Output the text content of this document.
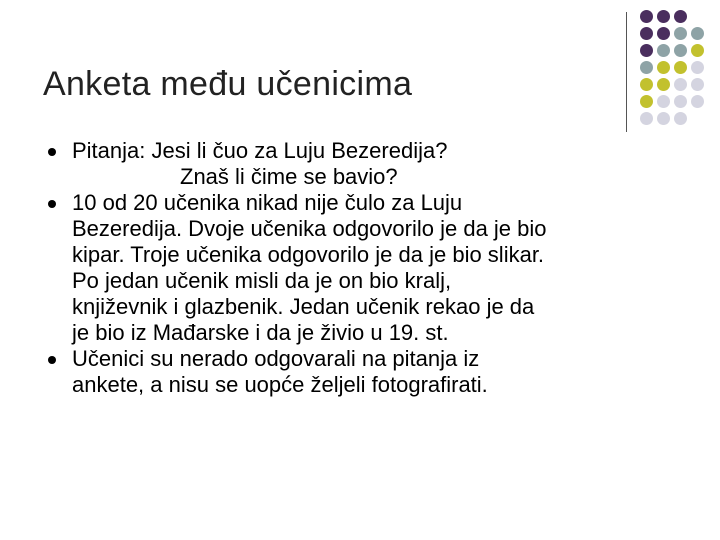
Anketa među učenicima
Pitanja: Jesi li čuo za Luju Bezeredija?
Znaš li čime se bavio?
10 od 20 učenika nikad nije čulo za Luju
Bezeredija. Dvoje učenika odgovorilo je da je bio
kipar. Troje učenika odgovorilo je da je bio slikar.
Po jedan učenik misli da je on bio kralj,
književnik i glazbenik. Jedan učenik rekao je da
je bio iz Mađarske i da je živio u 19. st.
Učenici su nerado odgovarali na pitanja iz
ankete, a nisu se uopće željeli fotografirati.
